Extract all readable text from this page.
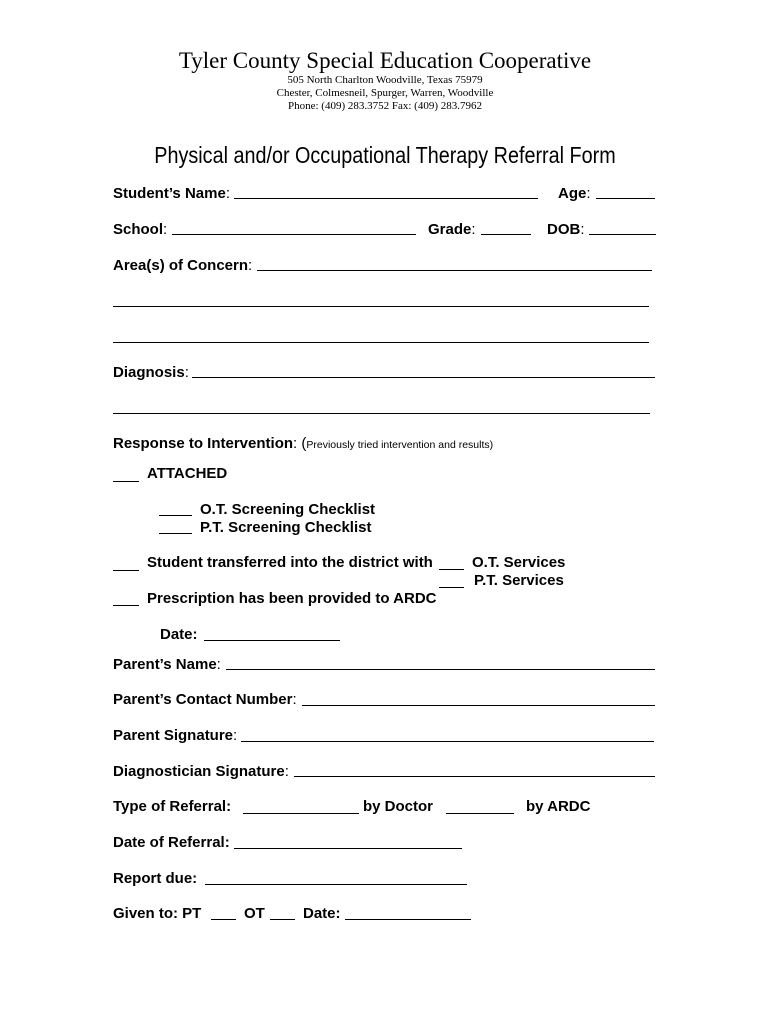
Tyler County Special Education Cooperative
505 North Charlton Woodville, Texas 75979
Chester, Colmesneil, Spurger, Warren, Woodville
Phone: (409) 283.3752 Fax: (409) 283.7962
Physical and/or Occupational Therapy Referral Form
Student’s Name:	Age:
School:	Grade:	DOB:
Area(s) of Concern:
Diagnosis:
Response to Intervention: (Previously tried intervention and results)
ATTACHED
O.T. Screening Checklist
P.T. Screening Checklist
Student transferred into the district with	O.T. Services
P.T. Services
Prescription has been provided to ARDC
Date:
Parent’s Name:
Parent’s Contact Number:
Parent Signature:
Diagnostician Signature:
Type of Referral:	by Doctor	by ARDC
Date of Referral:
Report due:
Given to: PT	OT	Date:
